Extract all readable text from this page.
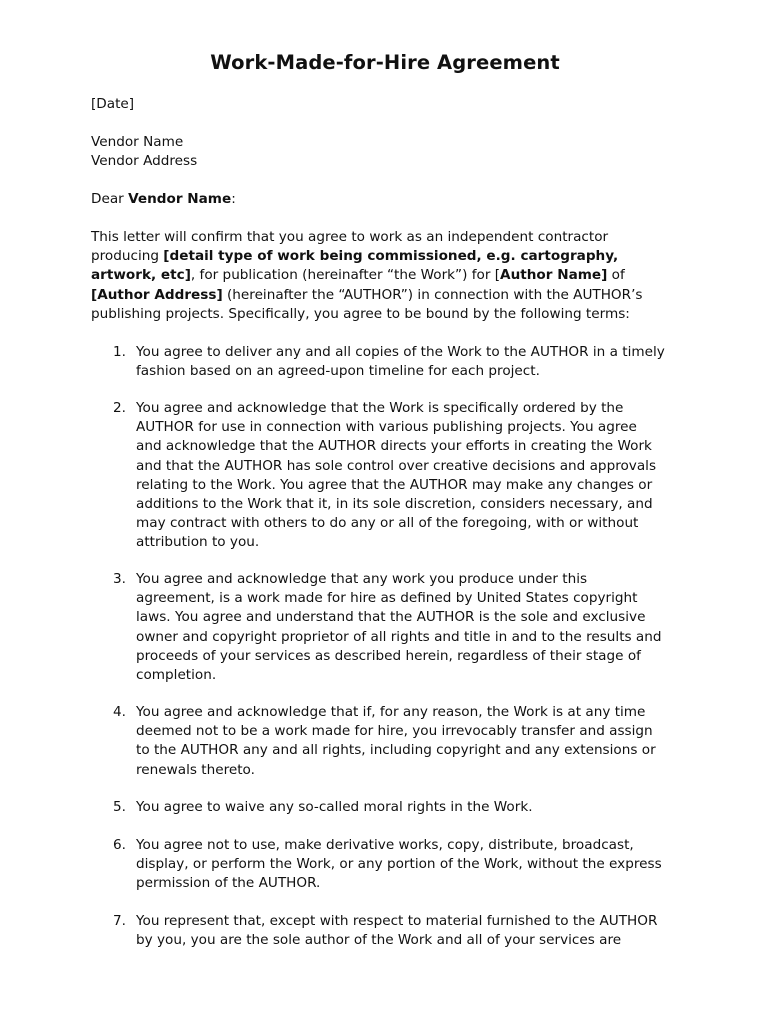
Work-Made-for-Hire Agreement
[Date]
Vendor Name
Vendor Address
Dear Vendor Name:
This letter will confirm that you agree to work as an independent contractor
producing [detail type of work being commissioned, e.g. cartography,
artwork, etc], for publication (hereinafter “the Work”) for [Author Name] of
[Author Address] (hereinafter the “AUTHOR”) in connection with the AUTHOR’s
publishing projects. Specifically, you agree to be bound by the following terms:
1. You agree to deliver any and all copies of the Work to the AUTHOR in a timely
fashion based on an agreed-upon timeline for each project.
2. You agree and acknowledge that the Work is specifically ordered by the
AUTHOR for use in connection with various publishing projects. You agree
and acknowledge that the AUTHOR directs your efforts in creating the Work
and that the AUTHOR has sole control over creative decisions and approvals
relating to the Work. You agree that the AUTHOR may make any changes or
additions to the Work that it, in its sole discretion, considers necessary, and
may contract with others to do any or all of the foregoing, with or without
attribution to you.
3. You agree and acknowledge that any work you produce under this
agreement, is a work made for hire as defined by United States copyright
laws. You agree and understand that the AUTHOR is the sole and exclusive
owner and copyright proprietor of all rights and title in and to the results and
proceeds of your services as described herein, regardless of their stage of
completion.
4. You agree and acknowledge that if, for any reason, the Work is at any time
deemed not to be a work made for hire, you irrevocably transfer and assign
to the AUTHOR any and all rights, including copyright and any extensions or
renewals thereto.
5. You agree to waive any so-called moral rights in the Work.
6. You agree not to use, make derivative works, copy, distribute, broadcast,
display, or perform the Work, or any portion of the Work, without the express
permission of the AUTHOR.
7. You represent that, except with respect to material furnished to the AUTHOR
by you, you are the sole author of the Work and all of your services are
